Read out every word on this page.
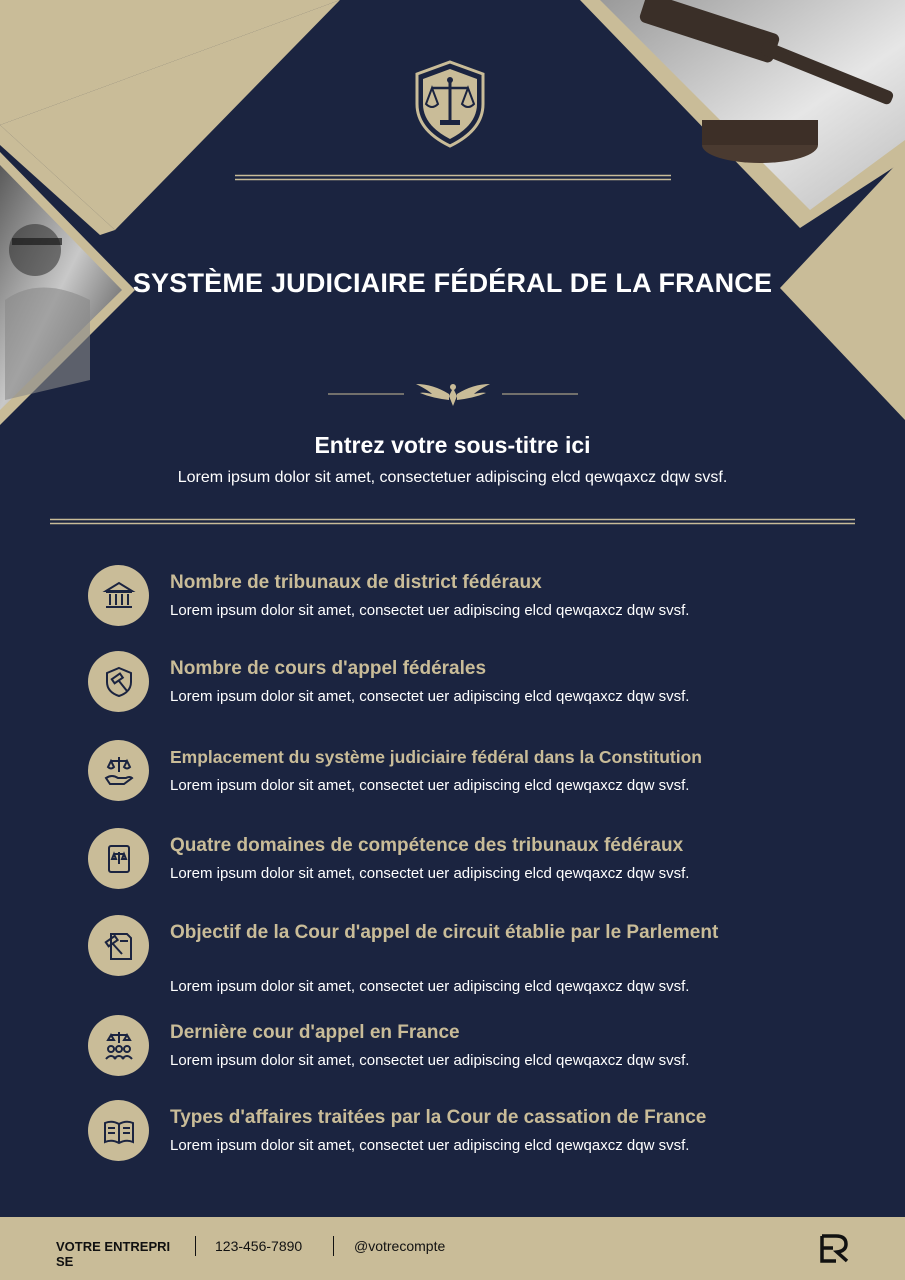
SYSTÈME JUDICIAIRE FÉDÉRAL DE LA FRANCE
Entrez votre sous-titre ici

Lorem ipsum dolor sit amet, consectetuer adipiscing elcd qewqaxcz dqw svsf.

Nombre de tribunaux de district fédéraux

Lorem ipsum dolor sit amet, consectet uer adipiscing elcd qewqaxcz dqw svsf.

Nombre de cours d'appel fédérales

Lorem ipsum dolor sit amet, consectet uer adipiscing elcd qewqaxcz dqw svsf.

Emplacement du système judiciaire fédéral dans la Constitution

Lorem ipsum dolor sit amet, consectet uer adipiscing elcd qewqaxcz dqw svsf.

Quatre domaines de compétence des tribunaux fédéraux

Lorem ipsum dolor sit amet, consectet uer adipiscing elcd qewqaxcz dqw svsf.

Objectif de la Cour d'appel de circuit établie par le Parlement

Lorem ipsum dolor sit amet, consectet uer adipiscing elcd qewqaxcz dqw svsf.

Dernière cour d'appel en France

Lorem ipsum dolor sit amet, consectet uer adipiscing elcd qewqaxcz dqw svsf.

Types d'affaires traitées par la Cour de cassation de France

Lorem ipsum dolor sit amet, consectet uer adipiscing elcd qewqaxcz dqw svsf.

VOTRE ENTREPRISE
123-456-7890	@votrecompte
